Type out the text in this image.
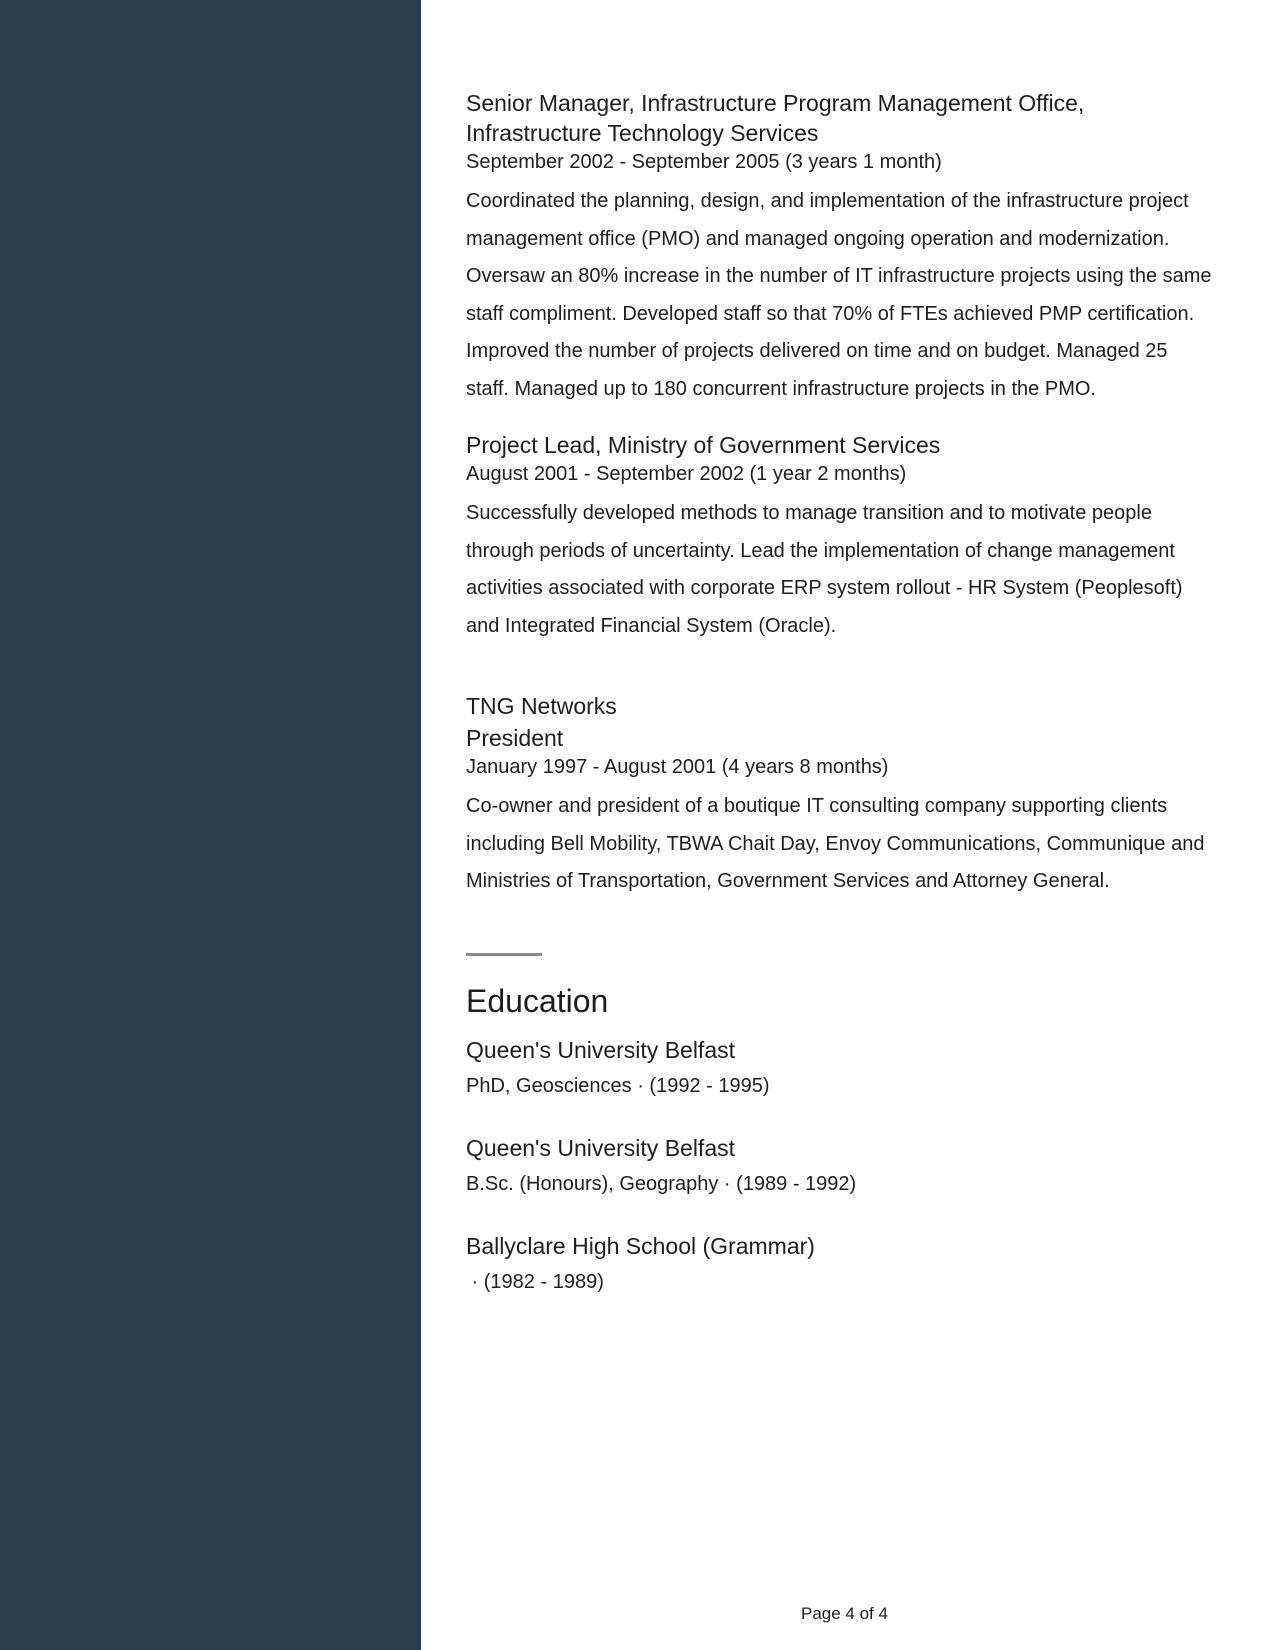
Senior Manager, Infrastructure Program Management Office, Infrastructure Technology Services

September 2002 - September 2005 (3 years 1 month)

Coordinated the planning, design, and implementation of the infrastructure project management office (PMO) and managed ongoing operation and modernization. Oversaw an 80% increase in the number of IT infrastructure projects using the same staff compliment. Developed staff so that 70% of FTEs achieved PMP certification. Improved the number of projects delivered on time and on budget. Managed 25 staff. Managed up to 180 concurrent infrastructure projects in the PMO.

Project Lead, Ministry of Government Services

August 2001 - September 2002 (1 year 2 months)

Successfully developed methods to manage transition and to motivate people through periods of uncertainty. Lead the implementation of change management activities associated with corporate ERP system rollout - HR System (Peoplesoft) and Integrated Financial System (Oracle).

TNG Networks

President

January 1997 - August 2001 (4 years 8 months)

Co-owner and president of a boutique IT consulting company supporting clients including Bell Mobility, TBWA Chait Day, Envoy Communications, Communique and Ministries of Transportation, Government Services and Attorney General.

Education

Queen's University Belfast

PhD, Geosciences · (1992 - 1995)

Queen's University Belfast

B.Sc. (Honours), Geography · (1989 - 1992)

Ballyclare High School (Grammar)

· (1982 - 1989)

Page 4 of 4
